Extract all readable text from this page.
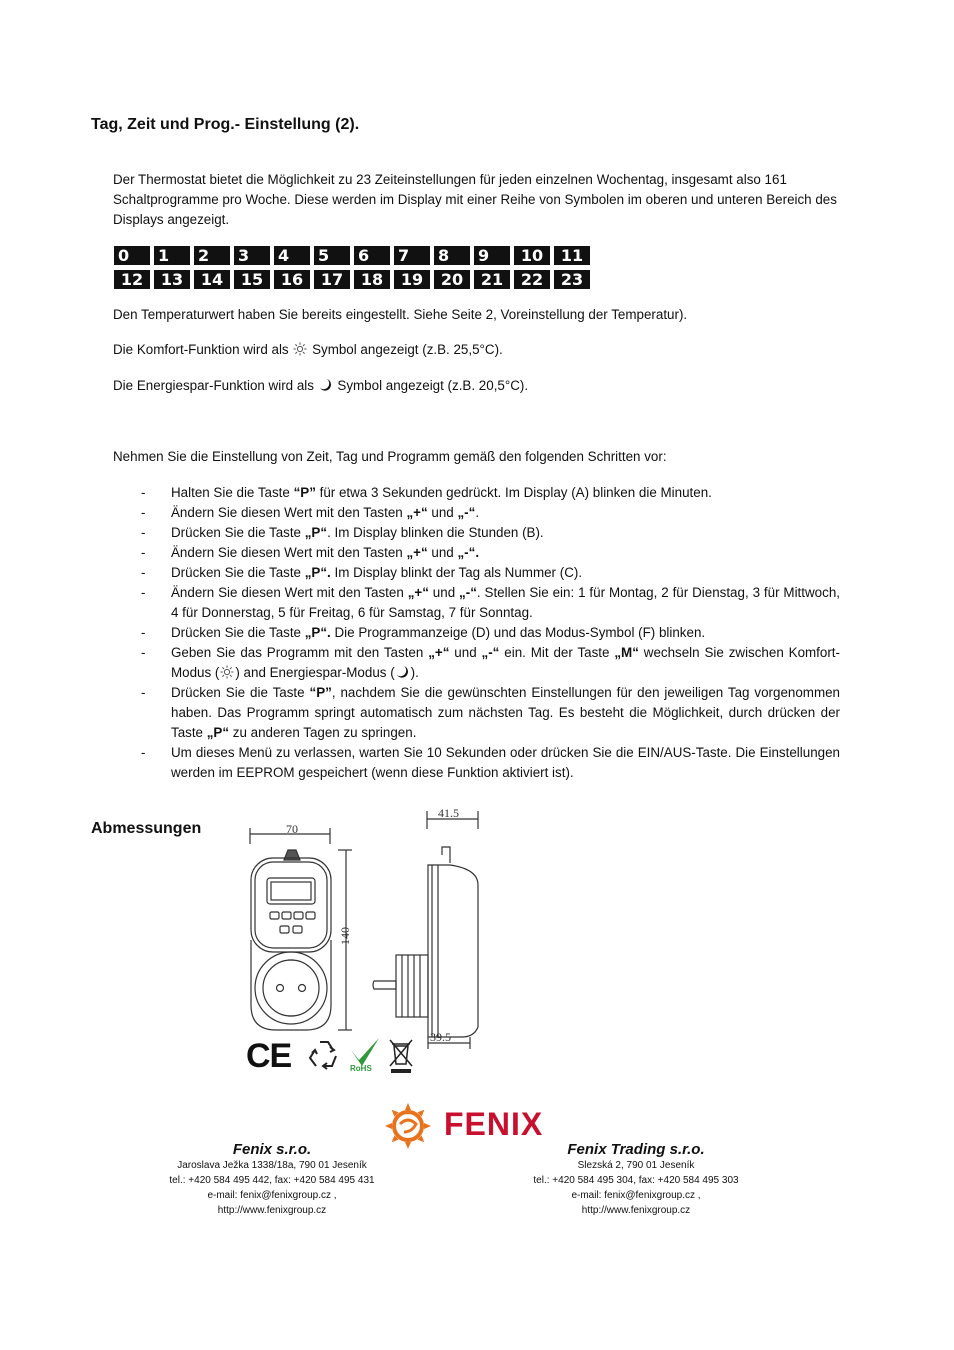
Tag, Zeit und Prog.- Einstellung (2).
Der Thermostat bietet die Möglichkeit zu 23 Zeiteinstellungen für jeden einzelnen Wochentag, insgesamt also 161 Schaltprogramme pro Woche. Diese werden im Display mit einer Reihe von Symbolen im oberen und unteren Bereich des Displays angezeigt.
0	1	2	3	4	5	6	7	8	9	10	11
12	13	14	15	16	17	18	19	20	21	22	23
Den Temperaturwert haben Sie bereits eingestellt. Siehe Seite 2, Voreinstellung der Temperatur).
Die Komfort-Funktion wird als  Symbol angezeigt (z.B. 25,5°C).
Die Energiespar-Funktion wird als  Symbol angezeigt (z.B. 20,5°C).
Nehmen Sie die Einstellung von Zeit, Tag und Programm gemäß den folgenden Schritten vor:
- Halten Sie die Taste “P” für etwa 3 Sekunden gedrückt. Im Display (A) blinken die Minuten.
- Ändern Sie diesen Wert mit den Tasten „+“ und „-“.
- Drücken Sie die Taste „P“. Im Display blinken die Stunden (B).
- Ändern Sie diesen Wert mit den Tasten „+“ und „-“.
- Drücken Sie die Taste „P“. Im Display blinkt der Tag als Nummer (C).
- Ändern Sie diesen Wert mit den Tasten „+“ und „-“. Stellen Sie ein: 1 für Montag, 2 für Dienstag, 3 für Mittwoch, 4 für Donnerstag, 5 für Freitag, 6 für Samstag, 7 für Sonntag.
- Drücken Sie die Taste „P“. Die Programmanzeige (D) und das Modus-Symbol (F) blinken.
- Geben Sie das Programm mit den Tasten „+“ und „-“ ein. Mit der Taste „M“ wechseln Sie zwischen Komfort-Modus ( ) and Energiespar-Modus ( ).
- Drücken Sie die Taste “P”, nachdem Sie die gewünschten Einstellungen für den jeweiligen Tag vorgenommen haben. Das Programm springt automatisch zum nächsten Tag. Es besteht die Möglichkeit, durch drücken der Taste „P“ zu anderen Tagen zu springen.
- Um dieses Menü zu verlassen, warten Sie 10 Sekunden oder drücken Sie die EIN/AUS-Taste. Die Einstellungen werden im EEPROM gespeichert (wenn diese Funktion aktiviert ist).
Abmessungen	70
140
41.5
39.5
CE	RoHS
FENIX
Fenix s.r.o.
Jaroslava Ježka 1338/18a, 790 01 Jeseník
tel.: +420 584 495 442, fax: +420 584 495 431
e-mail: fenix@fenixgroup.cz , http://www.fenixgroup.cz
Fenix Trading s.r.o.
Slezská 2, 790 01 Jeseník
tel.: +420 584 495 304, fax: +420 584 495 303
e-mail: fenix@fenixgroup.cz , http://www.fenixgroup.cz
